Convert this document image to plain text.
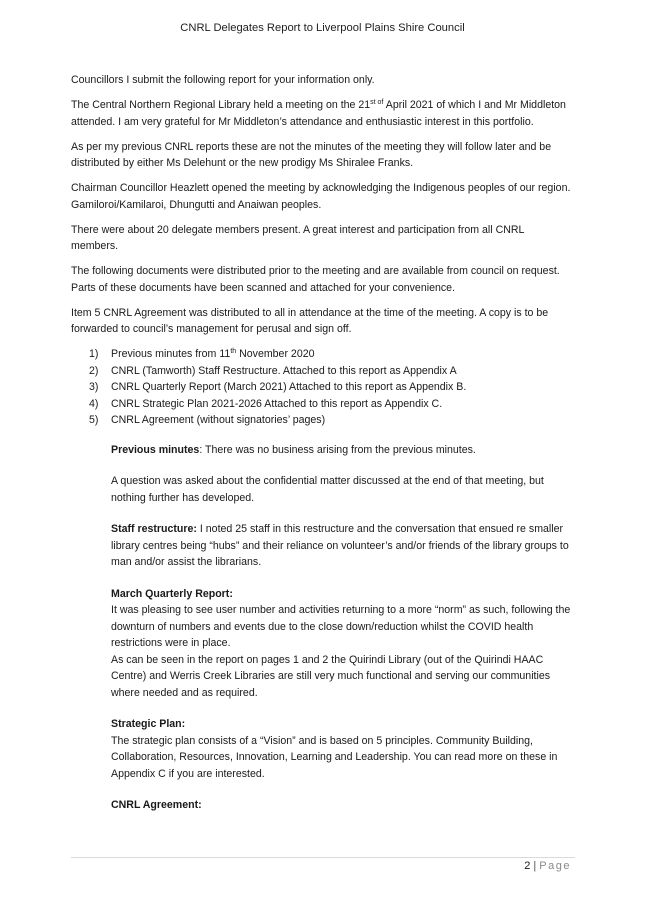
CNRL Delegates Report to Liverpool Plains Shire Council

Councillors I submit the following report for your information only.

The Central Northern Regional Library held a meeting on the $21^{st of}$ April 2021 of which I and Mr Middleton attended. I am very grateful for Mr Middleton’s attendance and enthusiastic interest in this portfolio.

As per my previous CNRL reports these are not the minutes of the meeting they will follow later and be distributed by either Ms Delehunt or the new prodigy Ms Shiralee Franks.

Chairman Councillor Heazlett opened the meeting by acknowledging the Indigenous peoples of our region. Gamiloroi/Kamilaroi, Dhungutti and Anaiwan peoples.

There were about 20 delegate members present. A great interest and participation from all CNRL members.

The following documents were distributed prior to the meeting and are available from council on request. Parts of these documents have been scanned and attached for your convenience.

Item 5 CNRL Agreement was distributed to all in attendance at the time of the meeting. A copy is to be forwarded to council’s management for perusal and sign off.

1) Previous minutes from 11th November 2020
2) CNRL (Tamworth) Staff Restructure. Attached to this report as Appendix A
3) CNRL Quarterly Report (March 2021) Attached to this report as Appendix B.
4) CNRL Strategic Plan 2021-2026 Attached to this report as Appendix C.
5) CNRL Agreement (without signatories’ pages)

Previous minutes: There was no business arising from the previous minutes.

A question was asked about the confidential matter discussed at the end of that meeting, but nothing further has developed.

Staff restructure: I noted 25 staff in this restructure and the conversation that ensued re smaller library centres being “hubs” and their reliance on volunteer’s and/or friends of the library groups to man and/or assist the librarians.

March Quarterly Report:

It was pleasing to see user number and activities returning to a more “norm” as such, following the downturn of numbers and events due to the close down/reduction whilst the COVID health restrictions were in place.

As can be seen in the report on pages 1 and 2 the Quirindi Library (out of the Quirindi HAAC Centre) and Werris Creek Libraries are still very much functional and serving our communities where needed and as required.

Strategic Plan:

The strategic plan consists of a “Vision” and is based on 5 principles. Community Building, Collaboration, Resources, Innovation, Learning and Leadership. You can read more on these in Appendix C if you are interested.

CNRL Agreement:

2 | Page
